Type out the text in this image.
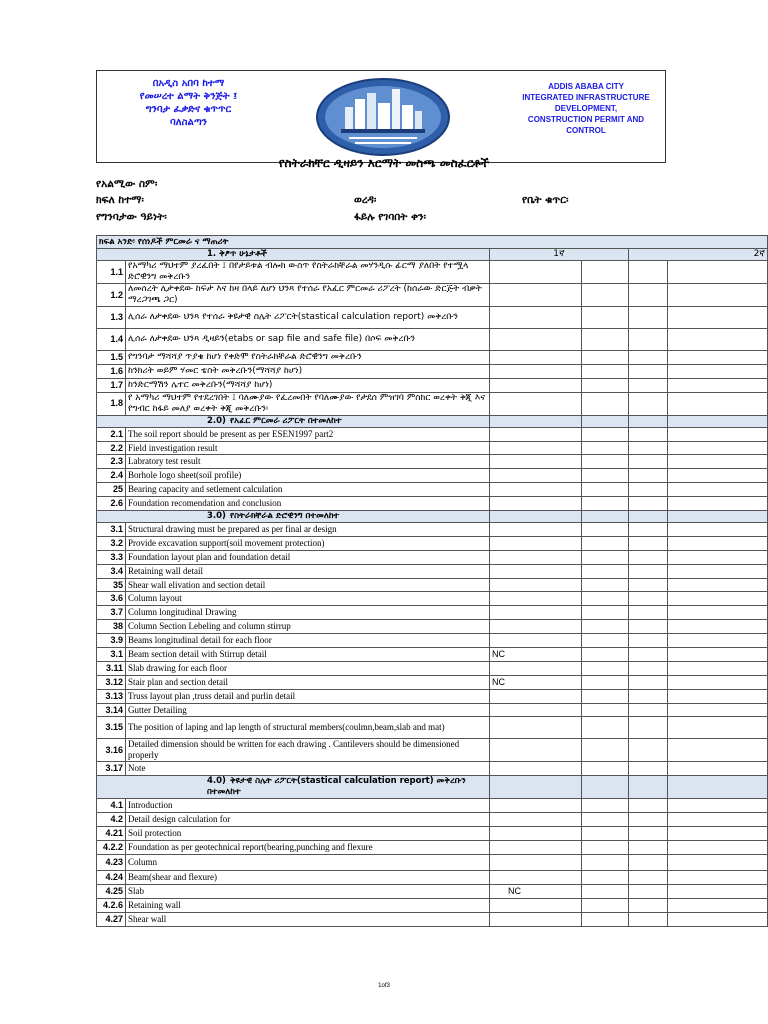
በአዲስ አበባ ከተማ
የመሠረተ ልማት ቅንጅት ፤
ግንባታ ፈቃድና ቁጥጥር
ባለስልጣን
ADDIS ABABA CITY
INTEGRATED INFRASTRUCTURE
DEVELOPMENT,
CONSTRUCTION PERMIT AND
CONTROL
የስትራክቸር ዲዛይን እርማት መስጫ መስፈርቶች
የአልሚው ስም፡
ክፍለ ከተማ፡	ወረዳ፡	የቤት ቁጥር፡
የግንባታው ዓይነት፡	ፋይሉ የገባበት ቀን፡
ክፍል አንድ፡ የሰነዶች ምርመራ ና ማጠሪት						
1. ቅፆጥ ሁኔታቶች		1ኛ		2ኛ	
1.1	የአማካሪ ማህተም ያረፈበት ፤ በየታይቱል ብሎክ ውስጥ የስትራክቸራል መሃንዲሱ ፊርማ ያለበት የተሟላ ድሮዊንግ መቅረቡን					
1.2	ለመሰረት ሊታቀደው ከፍታ እና ከዛ በላይ ለሆነ ህንጻ የተሰራ የአፈር ምርመራ ሪፖረት (ከሰራው ድርጅት ብቃት ማረጋገጫ ጋር)					
1.3	ሊሰራ ለታቀደው ህንጻ የተሰራ ቅዩታዊ ስሌት ሪፖርት(stastical calculation report) መቅረቡን					
1.4	ሊሰራ ለታቀደው ህንጻ ዲዛይን(etabs or sap file and safe file) በሶፍ መቅረቡን					
1.5	የግንባታ ማሻሻያ ጥያቄ ከሆነ የቀድሞ የስትራክቸራል ድሮዊንግ መቅረቡን					
1.6	ከንክሪት ወይም ሃመር ቴስት መቅረቡን(ማሻሻያ ከሆነ)					
1.7	ከንድርማሽን ሌተር መቅረቡን(ማሻሻያ ከሆነ)					
1.8	የ አማካሪ ማህተም የተደረገበት ፤ ባለሙያው የፈረመበት የባለሙያው የታደሰ ምዝገባ ምስክር ወረቀት ቅጂ እና የግብር ከፋይ መለያ ወረቀት ቅጂ መቅረቡን፡					
2.0) የአፈር ምርመራ ሪፖርት በተመለከተ						
2.1	The soil report should be present as per ESEN1997 part2					
2.2	Field investigation result					
2.3	Labratory test result					
2.4	Borhole logo sheet(soil profile)					
25	Bearing capacity and setlement calculation					
2.6	Foundation recomendation and conclusion					
3.0) የስትራክቸራል ድሮዊንግ በተመለከተ						
3.1	Structural drawing must be prepared as per final ar design					
3.2	Provide excavation support(soil movement protection)					
3.3	Foundation layout plan and foundation detail					
3.4	Retaining wall detail					
35	Shear wall elivation and section detail					
3.6	Column layout					
3.7	Column longitudinal Drawing					
38	Column Section Lebeling and column stirrup					
3.9	Beams longitudinal detail for each floor					
3.1	Beam section detail with Stirrup detail	NC				
3.11	Slab drawing for each floor					
3.12	Stair plan and section detail	NC				
3.13	Truss layout plan ,truss detail and purlin detail					
3.14	Gutter Detailing					
3.15	The position of laping and lap length of structural members(coulmn,beam,slab and mat)					
3.16	Detailed dimension should be written for each drawing . Cantilevers should be dimensioned properly					
3.17	Note					
4.0) ቅዩታዊ ስሌት ሪፖርት(stastical calculation report) መቅረቡን በተመለከተ						
4.1	Introduction					
4.2	Detail design calculation for					
4.21	Soil protection					
4.2.2	Foundation as per geotechnical report(bearing,punching and flexure					
4.23	Column					
4.24	Beam(shear and flexure)					
4.25	Slab	NC				
4.2.6	Retaining wall					
4.27	Shear wall					
1of3
